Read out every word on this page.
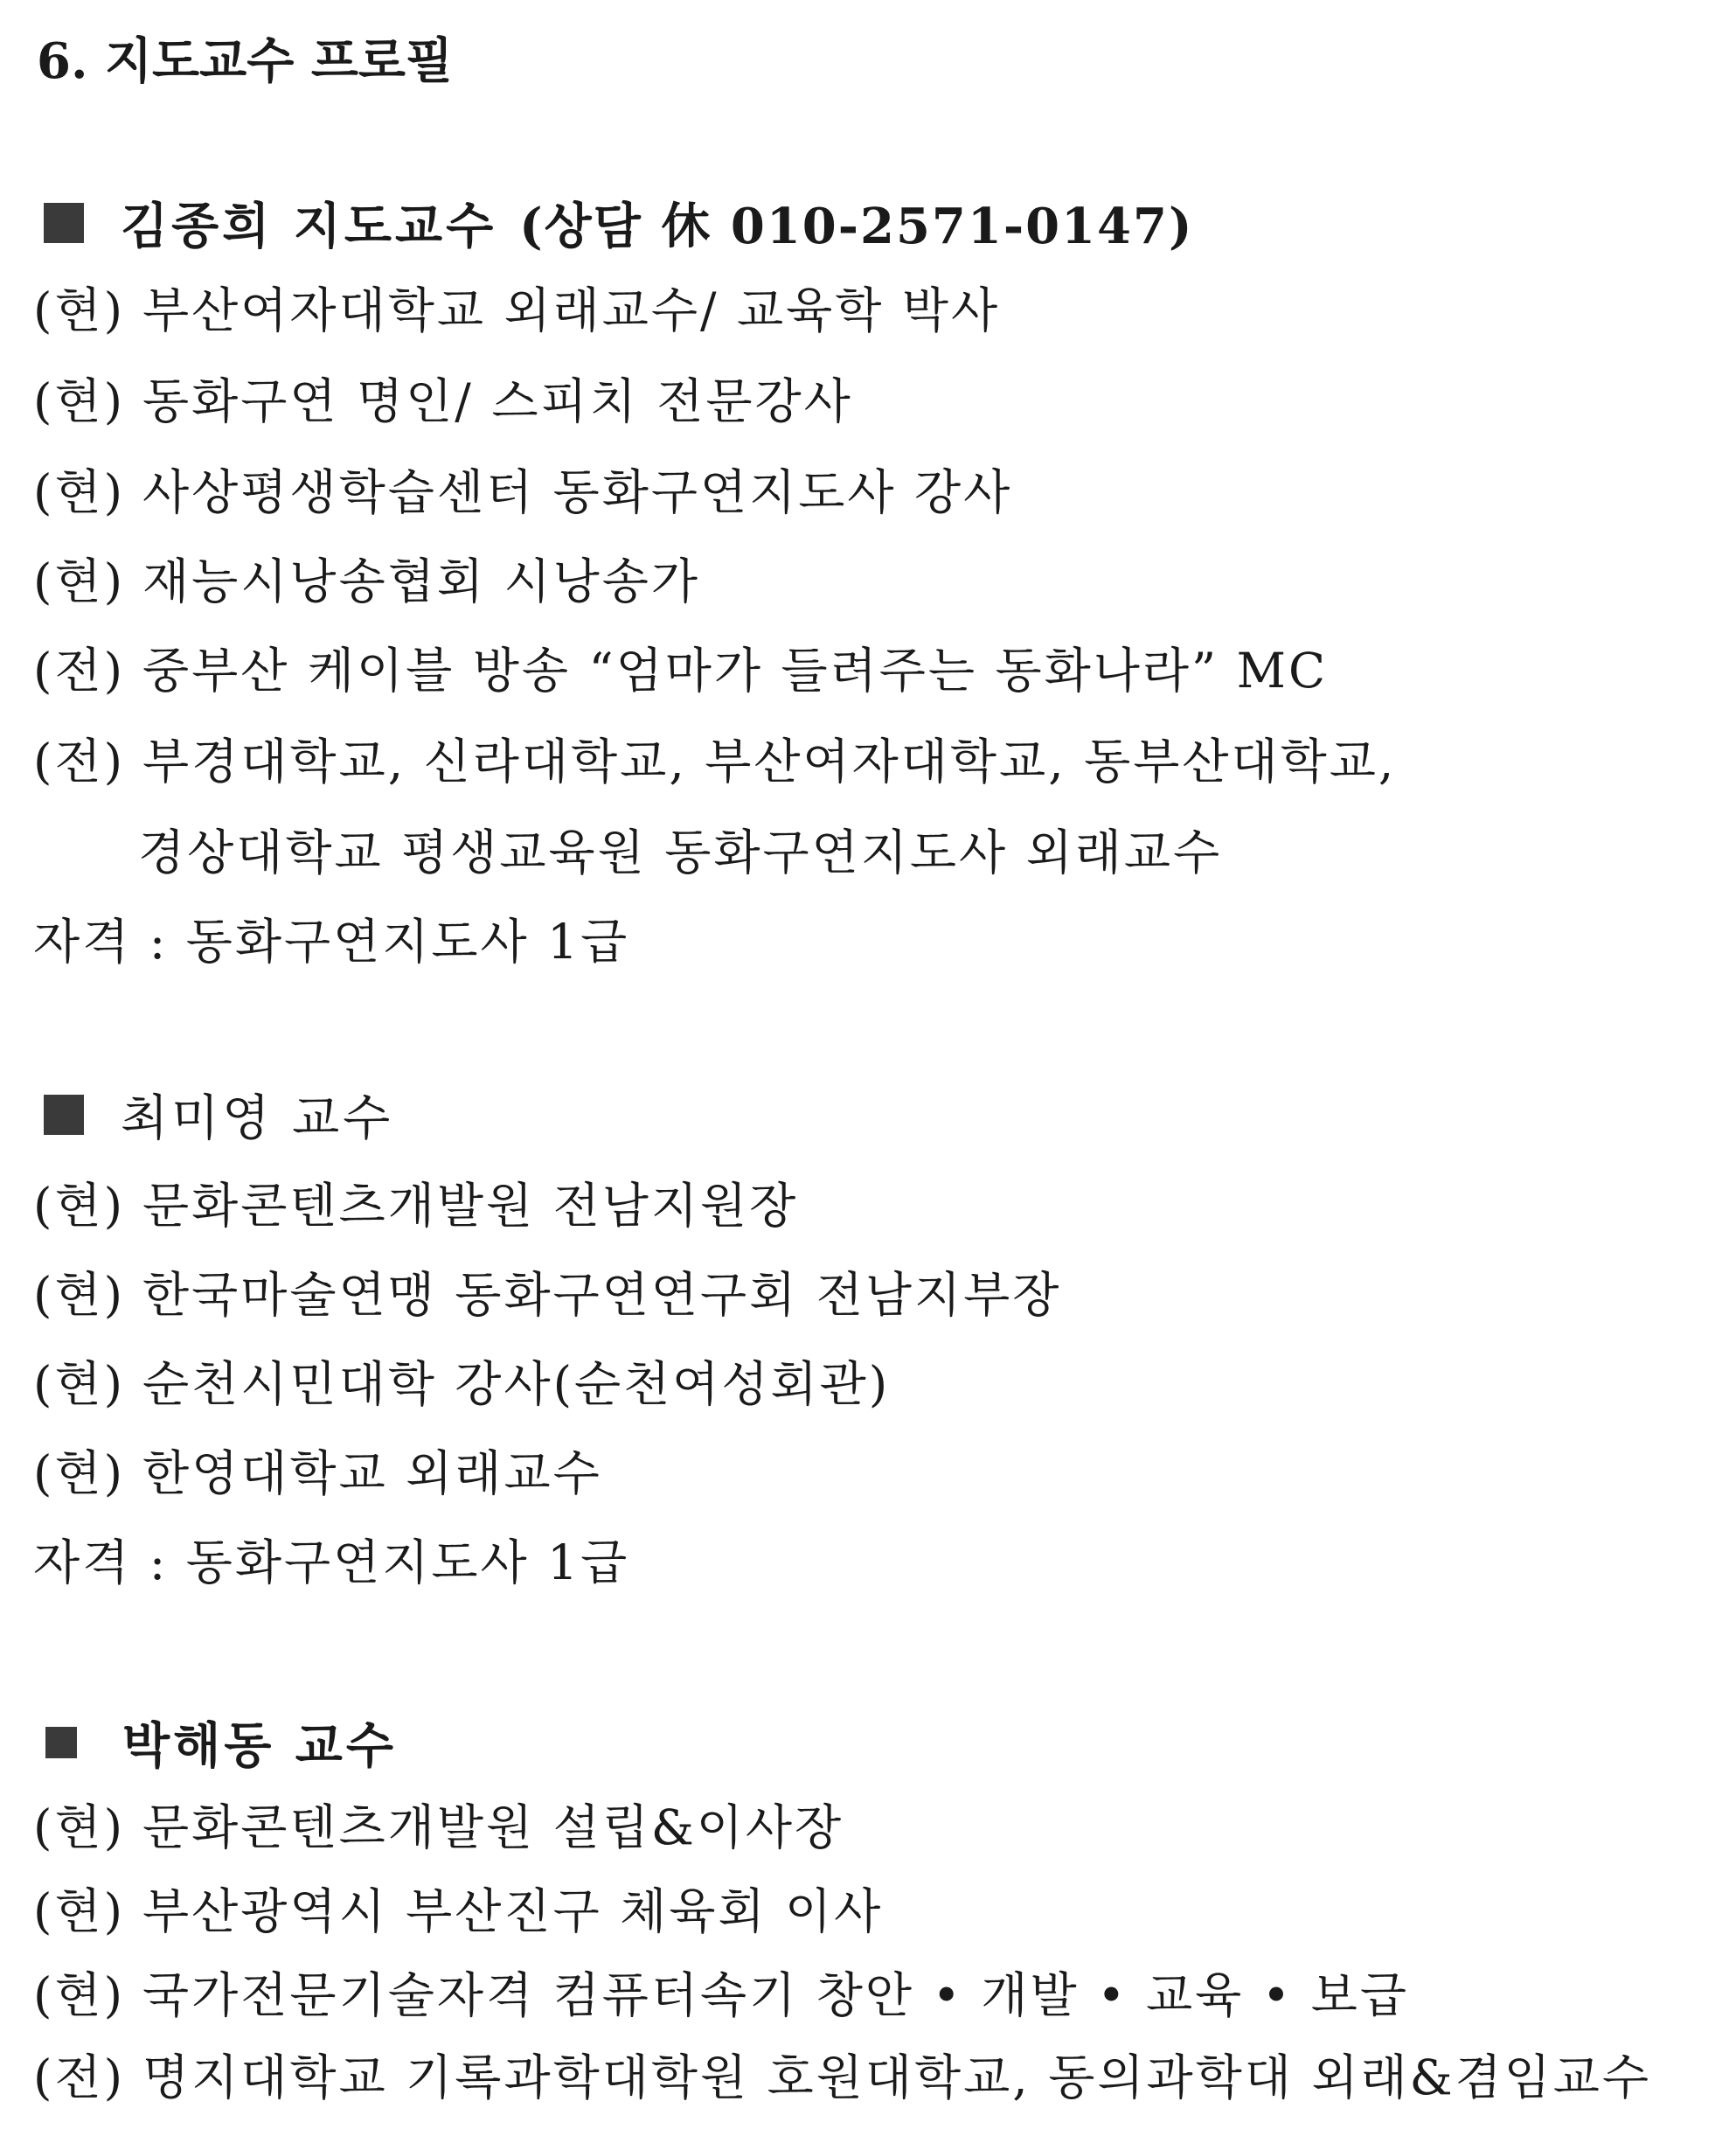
6. 지도교수 프로필
김종희 지도교수 (상담 休 010-2571-0147)
(현) 부산여자대학교 외래교수/ 교육학 박사
(현) 동화구연 명인/ 스피치 전문강사
(현) 사상평생학습센터 동화구연지도사 강사
(현) 재능시낭송협회 시낭송가
(전) 중부산 케이블 방송 “엄마가 들려주는 동화나라” MC
(전) 부경대학교, 신라대학교, 부산여자대학교, 동부산대학교,
경상대학교 평생교육원 동화구연지도사 외래교수
자격 : 동화구연지도사 1급
최미영 교수
(현) 문화콘텐츠개발원 전남지원장
(현) 한국마술연맹 동화구연연구회 전남지부장
(현) 순천시민대학 강사(순천여성회관)
(현) 한영대학교 외래교수
자격 : 동화구연지도사 1급
박해동 교수
(현) 문화콘텐츠개발원 설립&이사장
(현) 부산광역시 부산진구 체육회 이사
(현) 국가전문기술자격 컴퓨터속기 창안 • 개발 • 교육 • 보급
(전) 명지대학교 기록과학대학원 호원대학교, 동의과학대 외래&겸임교수
